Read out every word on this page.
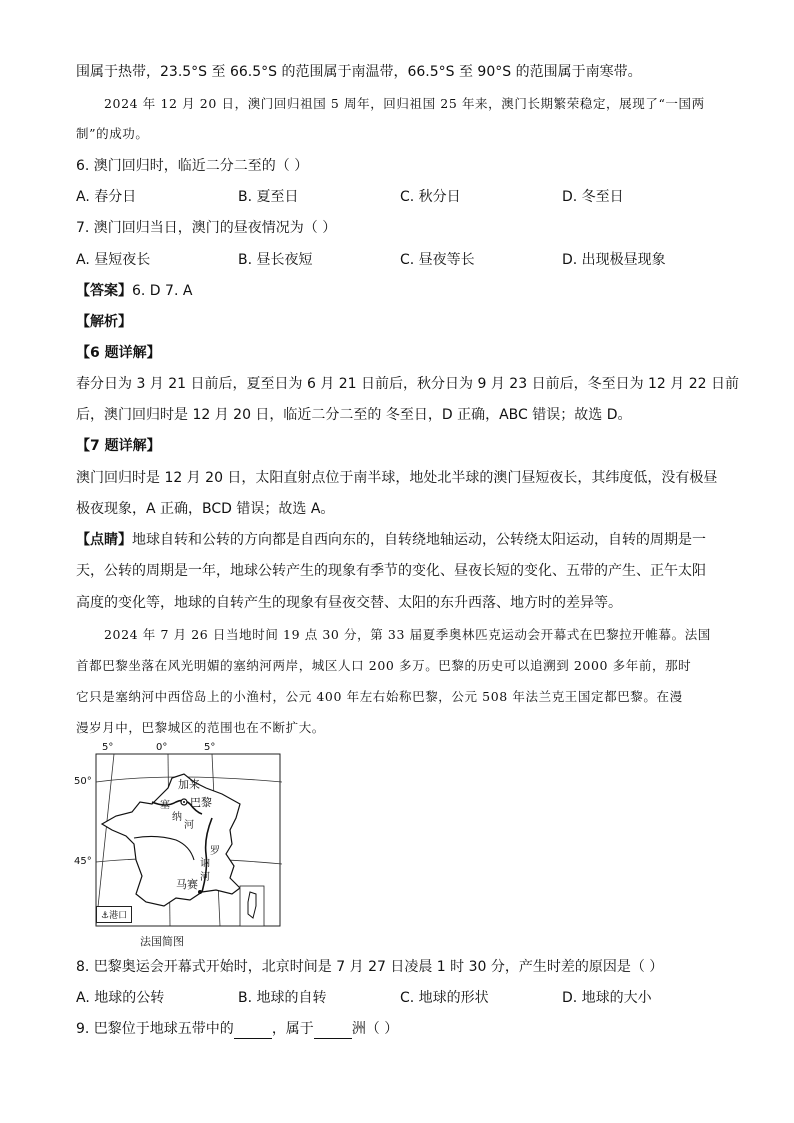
围属于热带，23.5°S 至 66.5°S 的范围属于南温带，66.5°S 至 90°S 的范围属于南寒带。
2024 年 12 月 20 日，澳门回归祖国 5 周年，回归祖国 25 年来，澳门长期繁荣稳定，展现了“一国两
制”的成功。
6. 澳门回归时，临近二分二至的（ ）
A. 春分日	B. 夏至日	C. 秋分日	D. 冬至日
7. 澳门回归当日，澳门的昼夜情况为（ ）
A. 昼短夜长	B. 昼长夜短	C. 昼夜等长	D. 出现极昼现象
【答案】6. D 7. A
【解析】
【6 题详解】
春分日为 3 月 21 日前后，夏至日为 6 月 21 日前后，秋分日为 9 月 23 日前后，冬至日为 12 月 22 日前
后，澳门回归时是 12 月 20 日，临近二分二至的 冬至日，D 正确，ABC 错误；故选 D。
【7 题详解】
澳门回归时是 12 月 20 日，太阳直射点位于南半球，地处北半球的澳门昼短夜长，其纬度低，没有极昼
极夜现象，A 正确，BCD 错误；故选 A。
【点睛】地球自转和公转的方向都是自西向东的，自转绕地轴运动，公转绕太阳运动，自转的周期是一
天，公转的周期是一年，地球公转产生的现象有季节的变化、昼夜长短的变化、五带的产生、正午太阳
高度的变化等，地球的自转产生的现象有昼夜交替、太阳的东升西落、地方时的差异等。
2024 年 7 月 26 日当地时间 19 点 30 分，第 33 届夏季奥林匹克运动会开幕式在巴黎拉开帷幕。法国
首都巴黎坐落在风光明媚的塞纳河两岸，城区人口 200 多万。巴黎的历史可以追溯到 2000 多年前，那时
它只是塞纳河中西岱岛上的小渔村，公元 400 年左右始称巴黎，公元 508 年法兰克王国定都巴黎。在漫
漫岁月中，巴黎城区的范围也在不断扩大。
5°	0°	5°
50°
45°
加来
巴黎
塞
纳
河
罗
讷
河
马赛
⚓港口
法国简图
8. 巴黎奥运会开幕式开始时，北京时间是 7 月 27 日凌晨 1 时 30 分，产生时差的原因是（ ）
A. 地球的公转	B. 地球的自转	C. 地球的形状	D. 地球的大小
9. 巴黎位于地球五带中的	，属于	洲（ ）
